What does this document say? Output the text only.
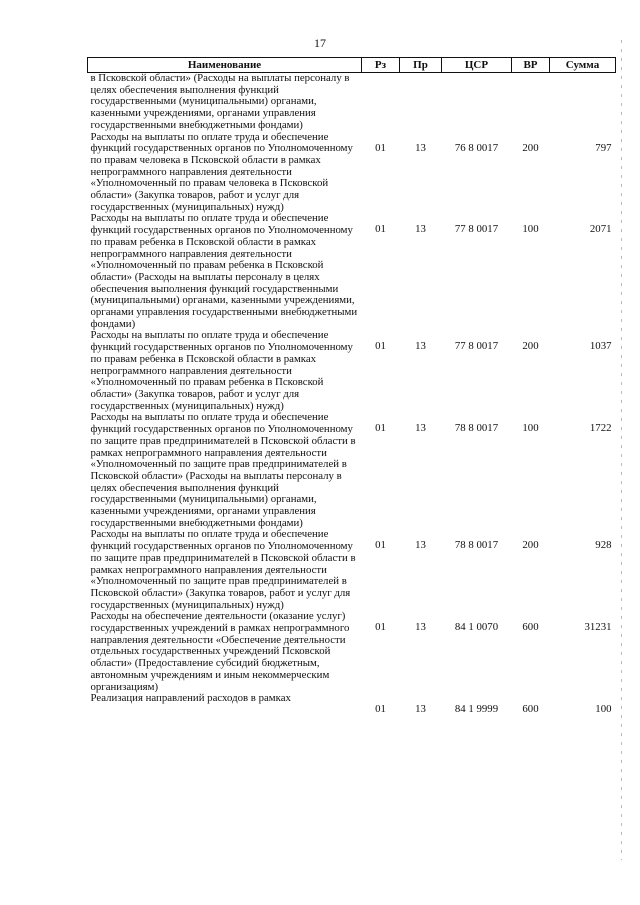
17
Наименование	Рз	Пр	ЦСР	ВР	Сумма
в Псковской области» (Расходы на выплаты персоналу в целях обеспечения выполнения функций государственными (муниципальными) органами, казенными учреждениями, органами управления государственными внебюджетными фондами)					
Расходы на выплаты по оплате труда и обеспечение функций государственных органов по Уполномоченному по правам человека в Псковской области в рамках непрограммного направления деятельности «Уполномоченный по правам человека в Псковской области» (Закупка товаров, работ и услуг для государственных (муниципальных) нужд)	01	13	76 8 0017	200	797
Расходы на выплаты по оплате труда и обеспечение функций государственных органов по Уполномоченному по правам ребенка в Псковской области в рамках непрограммного направления деятельности «Уполномоченный по правам ребенка в Псковской области» (Расходы на выплаты персоналу в целях обеспечения выполнения функций государственными (муниципальными) органами, казенными учреждениями, органами управления государственными внебюджетными фондами)	01	13	77 8 0017	100	2071
Расходы на выплаты по оплате труда и обеспечение функций государственных органов по Уполномоченному по правам ребенка в Псковской области в рамках непрограммного направления деятельности «Уполномоченный по правам ребенка в Псковской области» (Закупка товаров, работ и услуг для государственных (муниципальных) нужд)	01	13	77 8 0017	200	1037
Расходы на выплаты по оплате труда и обеспечение функций государственных органов по Уполномоченному по защите прав предпринимателей в Псковской области в рамках непрограммного направления деятельности «Уполномоченный по защите прав предпринимателей в Псковской области» (Расходы на выплаты персоналу в целях обеспечения выполнения функций государственными (муниципальными) органами, казенными учреждениями, органами управления государственными внебюджетными фондами)	01	13	78 8 0017	100	1722
Расходы на выплаты по оплате труда и обеспечение функций государственных органов по Уполномоченному по защите прав предпринимателей в Псковской области в рамках непрограммного направления деятельности «Уполномоченный по защите прав предпринимателей в Псковской области» (Закупка товаров, работ и услуг для государственных (муниципальных) нужд)	01	13	78 8 0017	200	928
Расходы на обеспечение деятельности (оказание услуг) государственных учреждений в рамках непрограммного направления деятельности «Обеспечение деятельности отдельных государственных учреждений Псковской области» (Предоставление субсидий бюджетным, автономным учреждениям и иным некоммерческим организациям)	01	13	84 1 0070	600	31231
Реализация направлений расходов в рамках	01	13	84 1 9999	600	100
